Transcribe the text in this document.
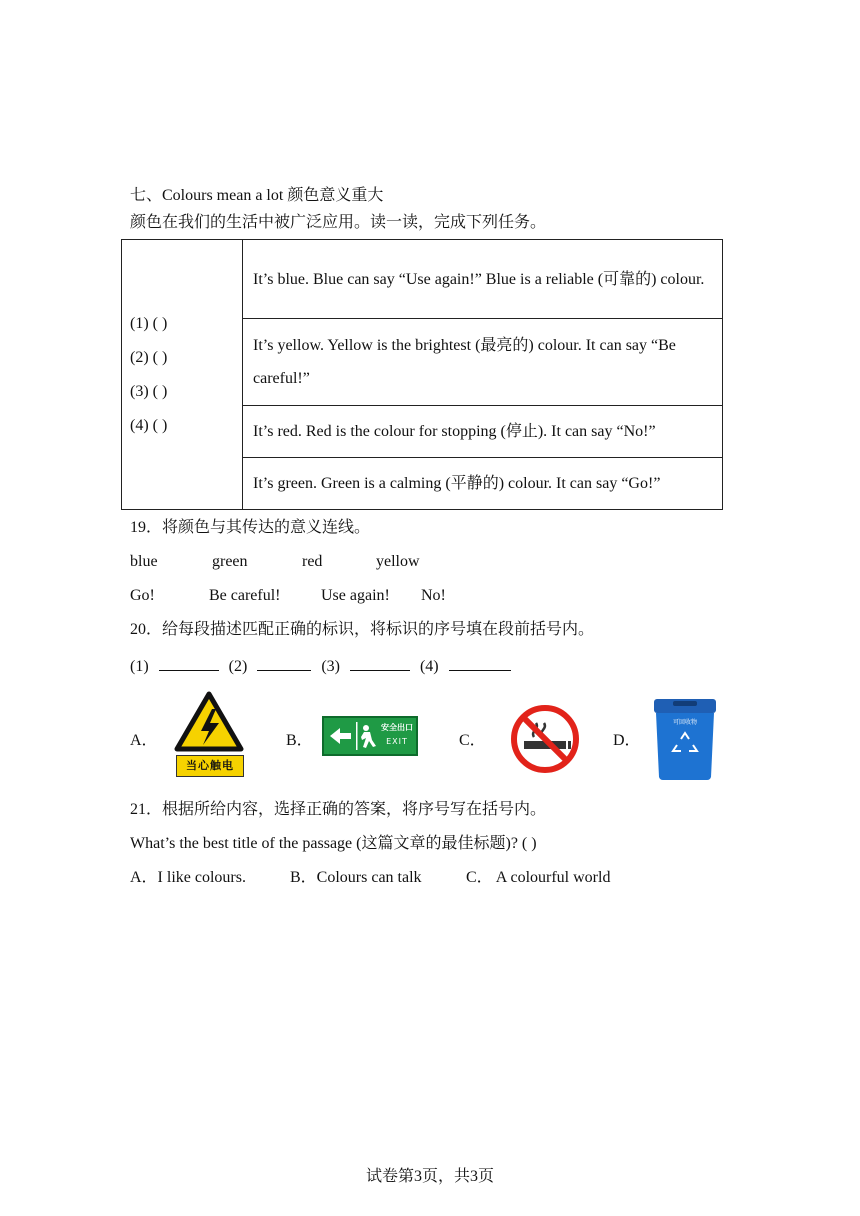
七、Colours mean a lot 颜色意义重大
颜色在我们的生活中被广泛应用。读一读，完成下列任务。
(1) ( )
(2) ( )
(3) ( )
(4) ( )
	It’s blue. Blue can say “Use again!” Blue is a reliable (可靠的) colour.
It’s yellow. Yellow is the brightest (最亮的) colour. It can say “Be careful!”
It’s red. Red is the colour for stopping (停止). It can say “No!”
It’s green. Green is a calming (平静的) colour. It can say “Go!”
19．将颜色与其传达的意义连线。
blue	green	red	yellow
Go!	Be careful!	Use again! No!
20．给每段描述匹配正确的标识，将标识的序号填在段前括号内。
(1)	(2)	(3)	(4)
A．	B．	C．	D．
当心触电
安全出口
EXIT
可回收物
21．根据所给内容，选择正确的答案，将序号写在括号内。
What’s the best title of the passage (这篇文章的最佳标题)? ( )
A．I like colours.	B．Colours can talk	C． A colourful world
试卷第3页，共3页
